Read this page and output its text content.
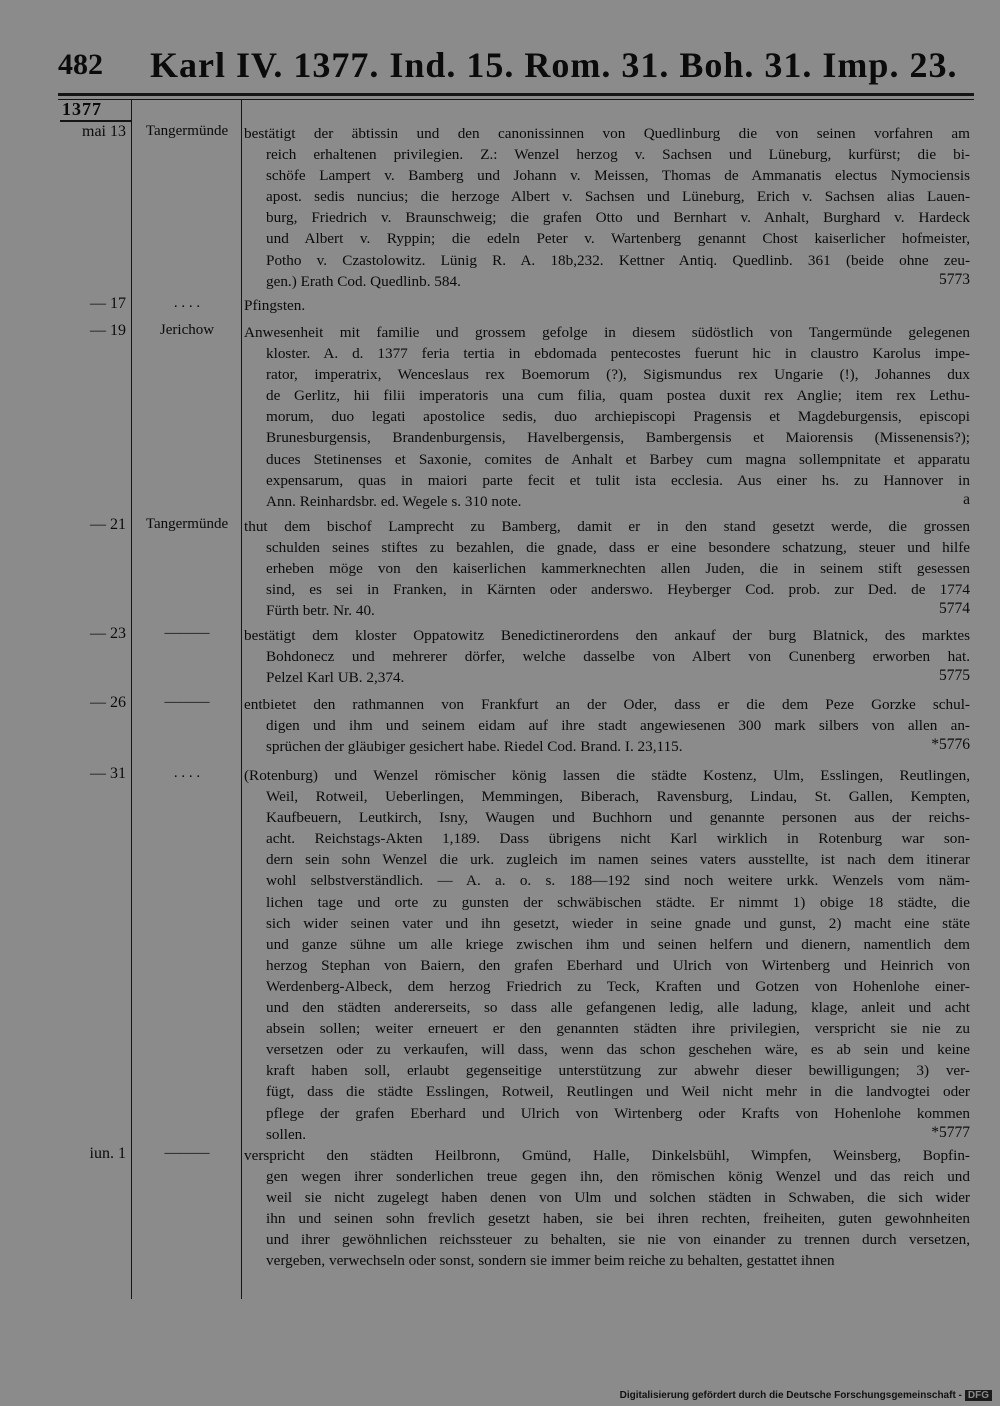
482 Karl IV. 1377. Ind. 15. Rom. 31. Boh. 31. Imp. 23.
1377
mai 13	Tangermünde	bestätigt der äbtissin und den canonissinnen von Quedlinburg die von seinen vorfahren am
reich erhaltenen privilegien. Z.: Wenzel herzog v. Sachsen und Lüneburg, kurfürst; die bi-
schöfe Lampert v. Bamberg und Johann v. Meissen, Thomas de Ammanatis electus Nymociensis
apost. sedis nuncius; die herzoge Albert v. Sachsen und Lüneburg, Erich v. Sachsen alias Lauen-
burg, Friedrich v. Braunschweig; die grafen Otto und Bernhart v. Anhalt, Burghard v. Hardeck
und Albert v. Ryppin; die edeln Peter v. Wartenberg genannt Chost kaiserlicher hofmeister,
Potho v. Czastolowitz. Lünig R. A. 18b,232. Kettner Antiq. Quedlinb. 361 (beide ohne zeu-
gen.) Erath Cod. Quedlinb. 584.	5773
— 17	. . . .	Pfingsten.
— 19	Jerichow	Anwesenheit mit familie und grossem gefolge in diesem südöstlich von Tangermünde gelegenen
kloster. A. d. 1377 feria tertia in ebdomada pentecostes fuerunt hic in claustro Karolus impe-
rator, imperatrix, Wenceslaus rex Boemorum (?), Sigismundus rex Ungarie (!), Johannes dux
de Gerlitz, hii filii imperatoris una cum filia, quam postea duxit rex Anglie; item rex Lethu-
morum, duo legati apostolice sedis, duo archiepiscopi Pragensis et Magdeburgensis, episcopi
Brunesburgensis, Brandenburgensis, Havelbergensis, Bambergensis et Maiorensis (Missenensis?);
duces Stetinenses et Saxonie, comites de Anhalt et Barbey cum magna sollempnitate et apparatu
expensarum, quas in maiori parte fecit et tulit ista ecclesia. Aus einer hs. zu Hannover in
Ann. Reinhardsbr. ed. Wegele s. 310 note.	a
— 21	Tangermünde	thut dem bischof Lamprecht zu Bamberg, damit er in den stand gesetzt werde, die grossen
schulden seines stiftes zu bezahlen, die gnade, dass er eine besondere schatzung, steuer und hilfe
erheben möge von den kaiserlichen kammerknechten allen Juden, die in seinem stift gesessen
sind, es sei in Franken, in Kärnten oder anderswo. Heyberger Cod. prob. zur Ded. de 1774
Fürth betr. Nr. 40.	5774
— 23	———	bestätigt dem kloster Oppatowitz Benedictinerordens den ankauf der burg Blatnick, des marktes
Bohdonecz und mehrerer dörfer, welche dasselbe von Albert von Cunenberg erworben hat.
Pelzel Karl UB. 2,374.	5775
— 26	———	entbietet den rathmannen von Frankfurt an der Oder, dass er die dem Peze Gorzke schul-
digen und ihm und seinem eidam auf ihre stadt angewiesenen 300 mark silbers von allen an-
sprüchen der gläubiger gesichert habe. Riedel Cod. Brand. I. 23,115.	*5776
— 31	. . . .	(Rotenburg) und Wenzel römischer könig lassen die städte Kostenz, Ulm, Esslingen, Reutlingen,
Weil, Rotweil, Ueberlingen, Memmingen, Biberach, Ravensburg, Lindau, St. Gallen, Kempten,
Kaufbeuern, Leutkirch, Isny, Waugen und Buchhorn und genannte personen aus der reichs-
acht. Reichstags-Akten 1,189. Dass übrigens nicht Karl wirklich in Rotenburg war son-
dern sein sohn Wenzel die urk. zugleich im namen seines vaters ausstellte, ist nach dem itinerar
wohl selbstverständlich. — A. a. o. s. 188—192 sind noch weitere urkk. Wenzels vom näm-
lichen tage und orte zu gunsten der schwäbischen städte. Er nimmt 1) obige 18 städte, die
sich wider seinen vater und ihn gesetzt, wieder in seine gnade und gunst, 2) macht eine stäte
und ganze sühne um alle kriege zwischen ihm und seinen helfern und dienern, namentlich dem
herzog Stephan von Baiern, den grafen Eberhard und Ulrich von Wirtenberg und Heinrich von
Werdenberg-Albeck, dem herzog Friedrich zu Teck, Kraften und Gotzen von Hohenlohe einer-
und den städten andererseits, so dass alle gefangenen ledig, alle ladung, klage, anleit und acht
absein sollen; weiter erneuert er den genannten städten ihre privilegien, verspricht sie nie zu
versetzen oder zu verkaufen, will dass, wenn das schon geschehen wäre, es ab sein und keine
kraft haben soll, erlaubt gegenseitige unterstützung zur abwehr dieser bewilligungen; 3) ver-
fügt, dass die städte Esslingen, Rotweil, Reutlingen und Weil nicht mehr in die landvogtei oder
pflege der grafen Eberhard und Ulrich von Wirtenberg oder Krafts von Hohenlohe kommen
sollen.	*5777
iun. 1	———	verspricht den städten Heilbronn, Gmünd, Halle, Dinkelsbühl, Wimpfen, Weinsberg, Bopfin-
gen wegen ihrer sonderlichen treue gegen ihn, den römischen könig Wenzel und das reich und
weil sie nicht zugelegt haben denen von Ulm und solchen städten in Schwaben, die sich wider
ihn und seinen sohn frevlich gesetzt haben, sie bei ihren rechten, freiheiten, guten gewohnheiten
und ihrer gewöhnlichen reichssteuer zu behalten, sie nie von einander zu trennen durch versetzen,
vergeben, verwechseln oder sonst, sondern sie immer beim reiche zu behalten, gestattet ihnen
Digitalisierung gefördert durch die Deutsche Forschungsgemeinschaft - DFG
